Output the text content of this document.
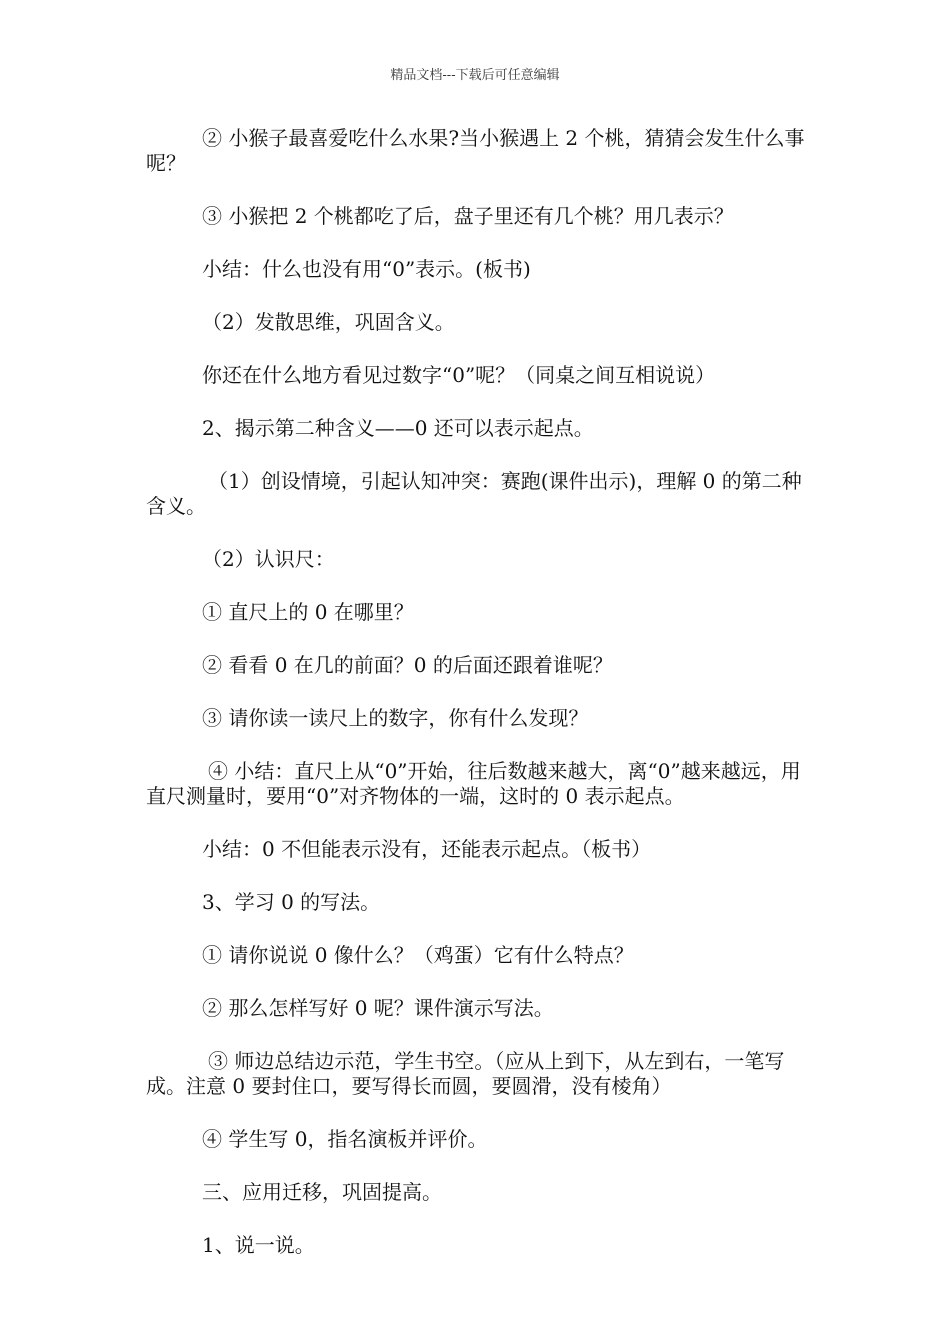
精品文档---下载后可任意编辑

② 小猴子最喜爱吃什么水果?当小猴遇上 2 个桃，猜猜会发生什么事呢？

③ 小猴把 2 个桃都吃了后，盘子里还有几个桃？用几表示？

小结：什么也没有用“0”表示。(板书)

（2）发散思维，巩固含义。

你还在什么地方看见过数字“0”呢？（同桌之间互相说说）

2、揭示第二种含义——0 还可以表示起点。

（1）创设情境，引起认知冲突：赛跑(课件出示)，理解 0 的第二种含义。

（2）认识尺：

① 直尺上的 0 在哪里？

② 看看 0 在几的前面？0 的后面还跟着谁呢？

③ 请你读一读尺上的数字，你有什么发现？

④ 小结：直尺上从“0”开始，往后数越来越大，离“0”越来越远，用直尺测量时，要用“0”对齐物体的一端，这时的 0 表示起点。

小结：0 不但能表示没有，还能表示起点。（板书）

3、学习 0 的写法。

① 请你说说 0 像什么？（鸡蛋）它有什么特点？

② 那么怎样写好 0 呢？课件演示写法。

③ 师边总结边示范，学生书空。（应从上到下，从左到右，一笔写成。注意 0 要封住口，要写得长而圆，要圆滑，没有棱角）

④ 学生写 0，指名演板并评价。

三、应用迁移，巩固提高。

1、说一说。
